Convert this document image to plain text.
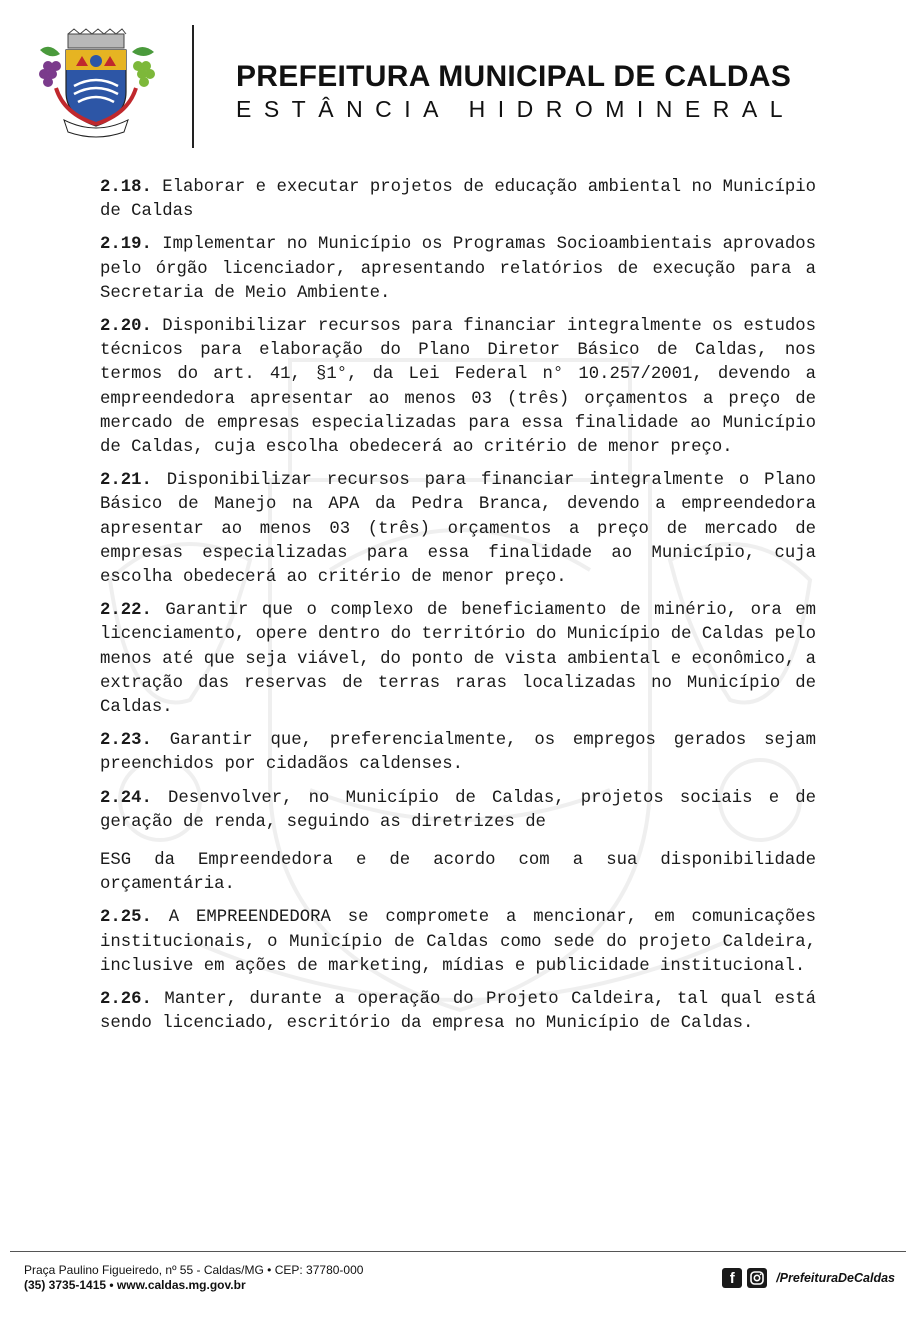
PREFEITURA MUNICIPAL DE CALDAS
ESTÂNCIA HIDROMINERAL

2.18. Elaborar e executar projetos de educação ambiental no Município de Caldas

2.19. Implementar no Município os Programas Socioambientais aprovados pelo órgão licenciador, apresentando relatórios de execução para a Secretaria de Meio Ambiente.

2.20. Disponibilizar recursos para financiar integralmente os estudos técnicos para elaboração do Plano Diretor Básico de Caldas, nos termos do art. 41, §1°, da Lei Federal n° 10.257/2001, devendo a empreendedora apresentar ao menos 03 (três) orçamentos a preço de mercado de empresas especializadas para essa finalidade ao Município de Caldas, cuja escolha obedecerá ao critério de menor preço.

2.21. Disponibilizar recursos para financiar integralmente o Plano Básico de Manejo na APA da Pedra Branca, devendo a empreendedora apresentar ao menos 03 (três) orçamentos a preço de mercado de empresas especializadas para essa finalidade ao Município, cuja escolha obedecerá ao critério de menor preço.

2.22. Garantir que o complexo de beneficiamento de minério, ora em licenciamento, opere dentro do território do Município de Caldas pelo menos até que seja viável, do ponto de vista ambiental e econômico, a extração das reservas de terras raras localizadas no Município de Caldas.

2.23. Garantir que, preferencialmente, os empregos gerados sejam preenchidos por cidadãos caldenses.

2.24. Desenvolver, no Município de Caldas, projetos sociais e de geração de renda, seguindo as diretrizes de

ESG da Empreendedora e de acordo com a sua disponibilidade orçamentária.

2.25. A EMPREENDEDORA se compromete a mencionar, em comunicações institucionais, o Município de Caldas como sede do projeto Caldeira, inclusive em ações de marketing, mídias e publicidade institucional.

2.26. Manter, durante a operação do Projeto Caldeira, tal qual está sendo licenciado, escritório da empresa no Município de Caldas.

Praça Paulino Figueiredo, nº 55 - Caldas/MG • CEP: 37780-000
(35) 3735-1415 • www.caldas.mg.gov.br	f	/PrefeituraDeCaldas
